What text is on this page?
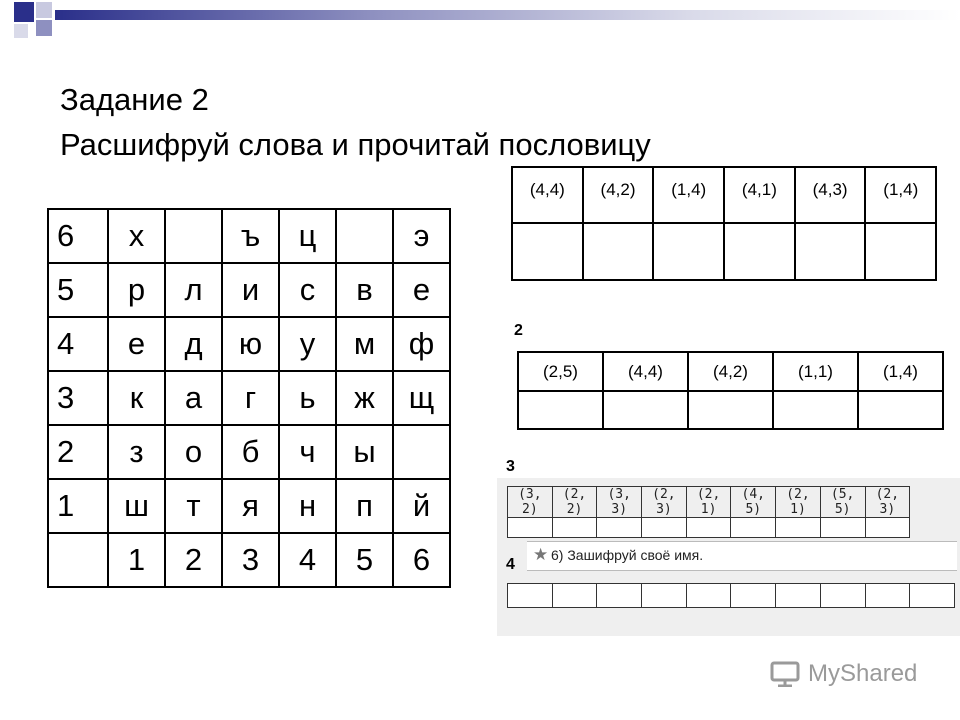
Задание 2
Расшифруй слова и прочитай пословицу
6	х		ъ	ц		э
5	р	л	и	с	в	е
4	е	д	ю	у	м	ф
3	к	а	г	ь	ж	щ
2	з	о	б	ч	ы	
1	ш	т	я	н	п	й
	1	2	3	4	5	6
(4,4)	(4,2)	(1,4)	(4,1)	(4,3)	(1,4)

2
(2,5)	(4,4)	(4,2)	(1,1)	(1,4)

3
(3, 2)	(2, 2)	(3, 3)	(2, 3)	(2, 1)	(4, 5)	(2, 1)	(5, 5)	(2, 3)

4
★ 6) Зашифруй своё имя.

MyShared
